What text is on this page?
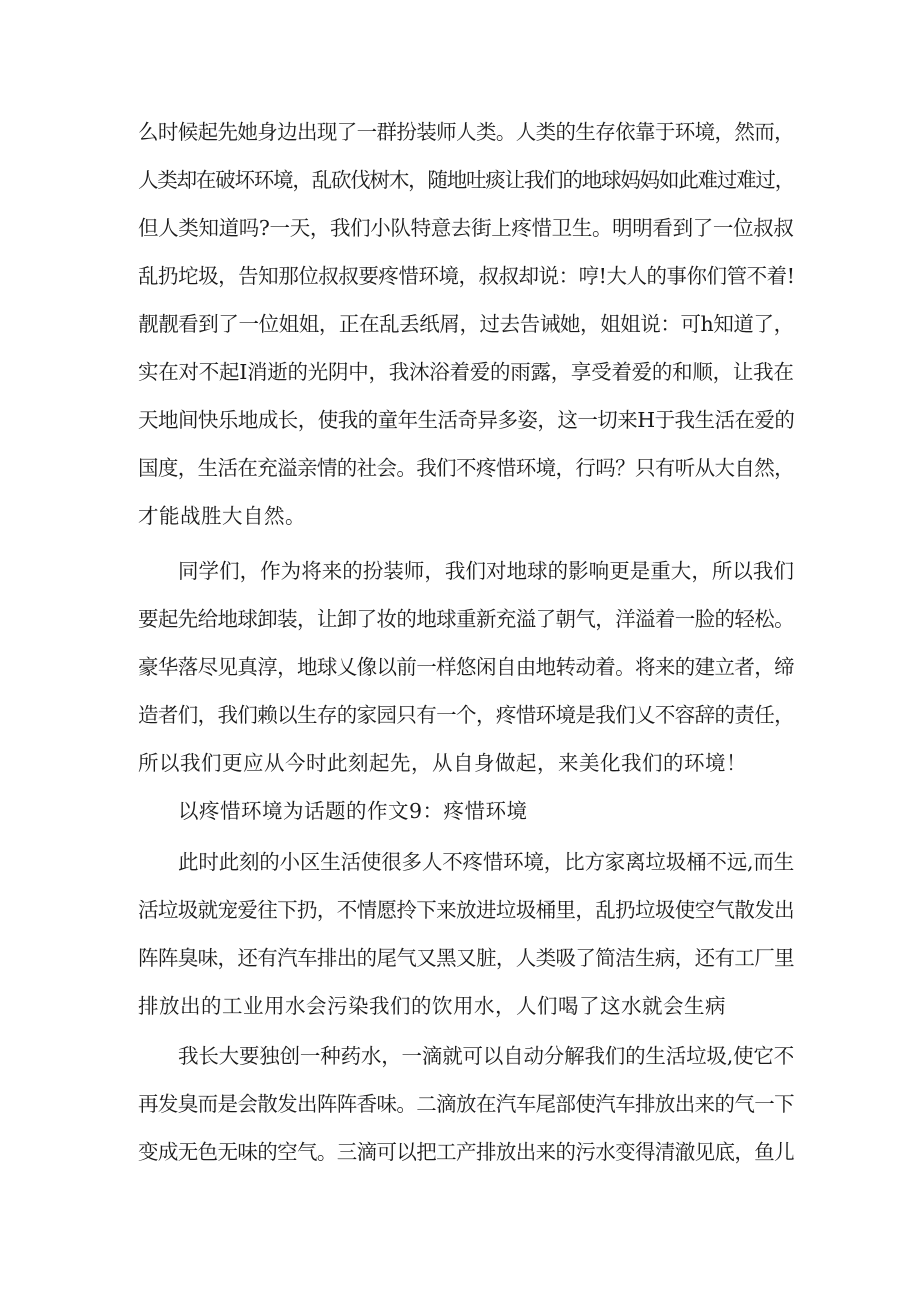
么时候起先她身边出现了一群扮装师人类。人类的生存依靠于环境，然而，
人类却在破坏环境，乱砍伐树木，随地吐痰让我们的地球妈妈如此难过难过，
但人类知道吗?一天，我们小队特意去街上疼惜卫生。明明看到了一位叔叔
乱扔坨圾，告知那位叔叔要疼惜环境，叔叔却说：哼!大人的事你们管不着!
靓靓看到了一位姐姐，正在乱丢纸屑，过去告诫她，姐姐说：可h知道了，
实在对不起I消逝的光阴中，我沐浴着爱的雨露，享受着爱的和顺，让我在
天地间快乐地成长，使我的童年生活奇异多姿，这一切来H于我生活在爱的
国度，生活在充溢亲情的社会。我们不疼惜环境，行吗？只有听从大自然，
才能战胜大自然。
同学们，作为将来的扮装师，我们对地球的影响更是重大，所以我们
要起先给地球卸装，让卸了妆的地球重新充溢了朝气，洋溢着一脸的轻松。
豪华落尽见真淳，地球乂像以前一样悠闲自由地转动着。将来的建立者，缔
造者们，我们赖以生存的家园只有一个，疼惜环境是我们乂不容辞的责任，
所以我们更应从今时此刻起先，从自身做起，来美化我们的环境！
以疼惜环境为话题的作文9：疼惜环境
此时此刻的小区生活使很多人不疼惜环境，比方家离垃圾桶不远,而生
活垃圾就宠爱往下扔，不情愿拎下来放进垃圾桶里，乱扔垃圾使空气散发出
阵阵臭味，还有汽车排出的尾气又黑又脏，人类吸了简洁生病，还有工厂里
排放出的工业用水会污染我们的饮用水，人们喝了这水就会生病
我长大要独创一种药水，一滴就可以自动分解我们的生活垃圾,使它不
再发臭而是会散发出阵阵香味。二滴放在汽车尾部使汽车排放出来的气一下
变成无色无味的空气。三滴可以把工产排放出来的污水变得清澈见底，鱼儿
